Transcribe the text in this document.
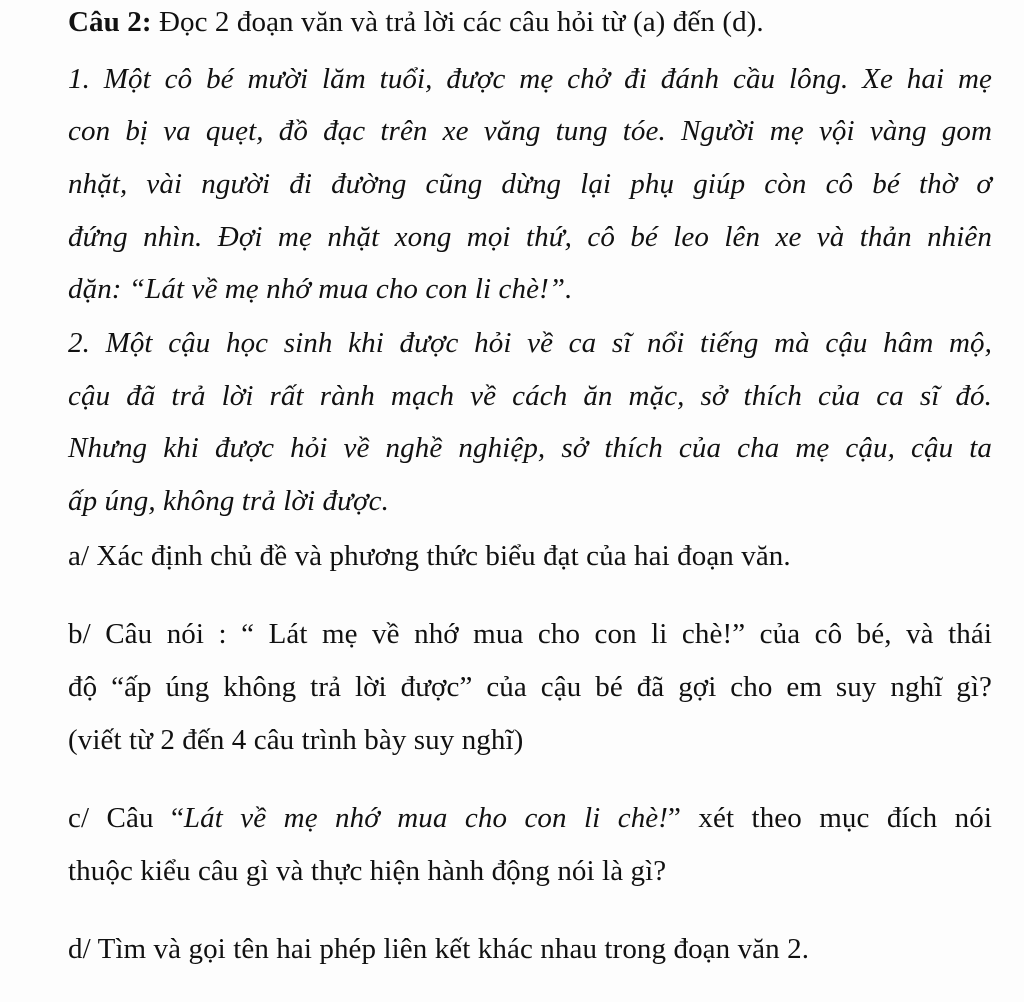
Câu 2: Đọc 2 đoạn văn và trả lời các câu hỏi từ (a) đến (d).
1. Một cô bé mười lăm tuổi, được mẹ chở đi đánh cầu lông. Xe hai mẹ
con bị va quẹt, đồ đạc trên xe văng tung tóe. Người mẹ vội vàng gom
nhặt, vài người đi đường cũng dừng lại phụ giúp còn cô bé thờ ơ
đứng nhìn. Đợi mẹ nhặt xong mọi thứ, cô bé leo lên xe và thản nhiên
dặn: “Lát về mẹ nhớ mua cho con li chè!”.
2. Một cậu học sinh khi được hỏi về ca sĩ nổi tiếng mà cậu hâm mộ,
cậu đã trả lời rất rành mạch về cách ăn mặc, sở thích của ca sĩ đó.
Nhưng khi được hỏi về nghề nghiệp, sở thích của cha mẹ cậu, cậu ta
ấp úng, không trả lời được.
a/ Xác định chủ đề và phương thức biểu đạt của hai đoạn văn.
b/ Câu nói : “ Lát mẹ về nhớ mua cho con li chè!” của cô bé, và thái
độ “ấp úng không trả lời được” của cậu bé đã gợi cho em suy nghĩ gì?
(viết từ 2 đến 4 câu trình bày suy nghĩ)
c/ Câu “Lát về mẹ nhớ mua cho con li chè!” xét theo mục đích nói
thuộc kiểu câu gì và thực hiện hành động nói là gì?
d/ Tìm và gọi tên hai phép liên kết khác nhau trong đoạn văn 2.
